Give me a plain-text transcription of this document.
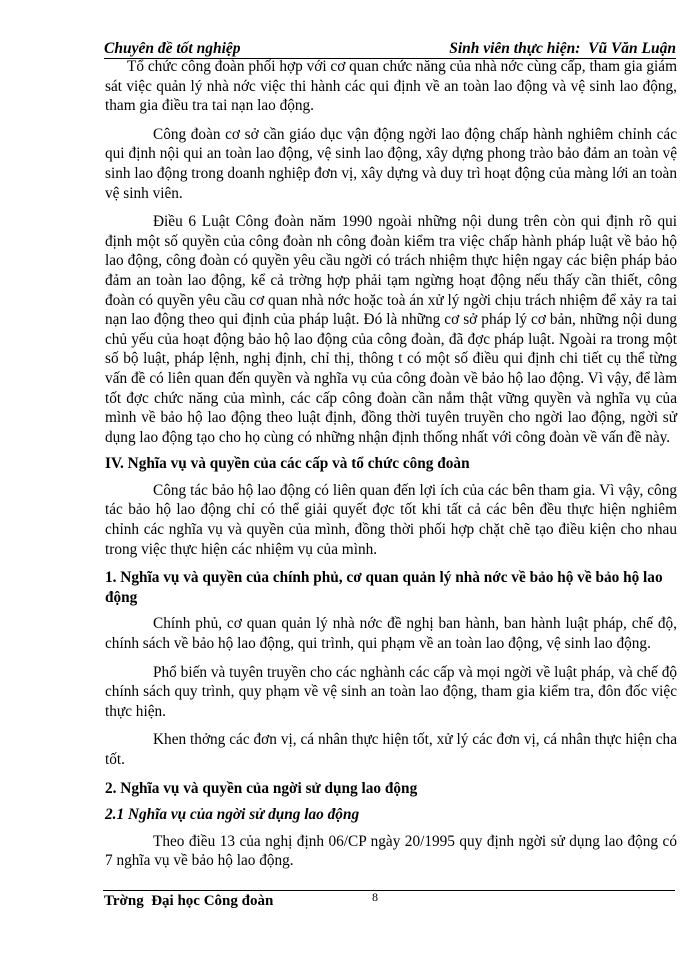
Chuyên đề tốt nghiệp	Sinh viên thực hiện:  Vũ Văn Luận

Tổ chức công đoàn phối hợp với cơ quan chức năng của nhà nớc cùng cấp, tham gia giám sát việc quản lý nhà nớc việc thi hành các qui định về an toàn lao động và vệ sinh lao động, tham gia điều tra tai nạn lao động.

Công đoàn cơ sở cần giáo dục vận động ngời lao động chấp hành nghiêm chỉnh các qui định nội qui an toàn lao động, vệ sinh lao động, xây dựng phong trào bảo đảm an toàn vệ sinh lao động trong doanh nghiệp đơn vị, xây dựng và duy trì hoạt động của màng lới an toàn vệ sinh viên.

Điều 6 Luật Công đoàn năm 1990 ngoài những nội dung trên còn qui định rõ qui định một số quyền của công đoàn nh công đoàn kiểm tra việc chấp hành pháp luật về bảo hộ lao động, công đoàn có quyền yêu cầu ngời có trách nhiệm thực hiện ngay các biện pháp bảo đảm an toàn lao động, kể cả trờng hợp phải tạm ngừng hoạt động nếu thấy cần thiết, công đoàn có quyền yêu cầu cơ quan nhà nớc hoặc toà án xử lý ngời chịu trách nhiệm để xảy ra tai nạn lao động theo qui định của pháp luật. Đó là những cơ sở pháp lý cơ bản, những nội dung chủ yếu của hoạt động bảo hộ lao động của công đoàn, đã đợc pháp luật. Ngoài ra trong một số bộ luật, pháp lệnh, nghị định, chỉ thị, thông t có một số điều qui định chi tiết cụ thể từng vấn đề có liên quan đến quyền và nghĩa vụ của công đoàn về bảo hộ lao động. Vì vậy, để làm tốt đợc chức năng của mình, các cấp công đoàn cần nắm thật vững quyền và nghĩa vụ của mình về bảo hộ lao động theo luật định, đồng thời tuyên truyền cho ngời lao động, ngời sử dụng lao động tạo cho họ cùng có những nhận định thống nhất với công đoàn về vấn đề này.

IV. Nghĩa vụ và quyền của các cấp và tổ chức công đoàn

Công tác bảo hộ lao động có liên quan đến lợi ích của các bên tham gia. Vì vậy, công tác bảo hộ lao động chỉ có thể giải quyết đợc tốt khi tất cả các bên đều thực hiện nghiêm chỉnh các nghĩa vụ và quyền của mình, đồng thời phối hợp chặt chẽ tạo điều kiện cho nhau trong việc thực hiện các nhiệm vụ của mình.

1. Nghĩa vụ và quyền của chính phủ, cơ quan quản lý nhà nớc về bảo hộ về bảo hộ lao động

Chính phủ, cơ quan quản lý nhà nớc đề nghị ban hành, ban hành luật pháp, chế độ, chính sách về bảo hộ lao động, qui trình, qui phạm về an toàn lao động, vệ sinh lao động.

Phổ biến và tuyên truyền cho các nghành các cấp và mọi ngời về luật pháp, và chế độ chính sách quy trình, quy phạm về vệ sinh an toàn lao động, tham gia kiểm tra, đôn đốc việc thực hiện.

Khen thởng các đơn vị, cá nhân thực hiện tốt, xử lý các đơn vị, cá nhân thực hiện cha tốt.

2. Nghĩa vụ và quyền của ngời sử dụng lao động
2.1 Nghĩa vụ của ngời sử dụng lao động

Theo điều 13 của nghị định 06/CP ngày 20/1995 quy định ngời sử dụng lao động có 7 nghĩa vụ về bảo hộ lao động.

8
Trờng  Đại học Công đoàn
